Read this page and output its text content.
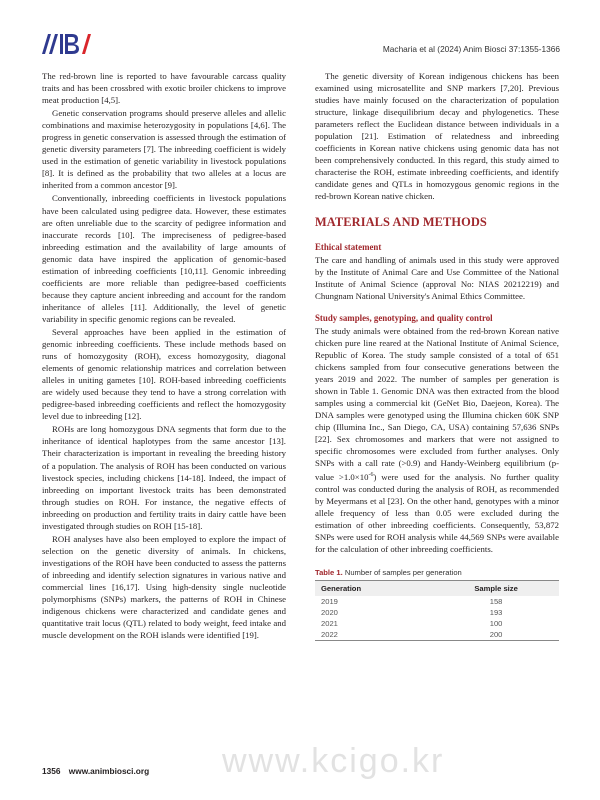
Macharia et al (2024) Anim Biosci 37:1355-1366

The red-brown line is reported to have favourable carcass quality traits and has been crossbred with exotic broiler chickens to improve meat production [4,5].

Genetic conservation programs should preserve alleles and allelic combinations and maximise heterozygosity in populations [4,6]. The progress in genetic conservation is assessed through the estimation of genetic diversity parameters [7]. The inbreeding coefficient is widely used in the estimation of genetic variability in livestock populations [8]. It is defined as the probability that two alleles at a locus are inherited from a common ancestor [9].

Conventionally, inbreeding coefficients in livestock populations have been calculated using pedigree data. However, these estimates are often unreliable due to the scarcity of pedigree information and inaccurate records [10]. The impreciseness of pedigree-based inbreeding estimation and the availability of large amounts of genomic data have inspired the application of genomic-based estimation of inbreeding coefficients [10,11]. Genomic inbreeding coefficients are more reliable than pedigree-based coefficients because they capture ancient inbreeding and account for the random inheritance of alleles [11]. Additionally, the level of genetic variability in specific genomic regions can be revealed.

Several approaches have been applied in the estimation of genomic inbreeding coefficients. These include methods based on runs of homozygosity (ROH), excess homozygosity, diagonal elements of genomic relationship matrices and correlation between alleles in uniting gametes [10]. ROH-based inbreeding coefficients are widely used because they tend to have a strong correlation with pedigree-based inbreeding coefficients and reflect the homozygosity level due to inbreeding [12].

ROHs are long homozygous DNA segments that form due to the inheritance of identical haplotypes from the same ancestor [13]. Their characterization is important in revealing the breeding history of a population. The analysis of ROH has been conducted on various livestock species, including chickens [14-18]. Indeed, the impact of inbreeding on important livestock traits has been demonstrated through studies on ROH. For instance, the negative effects of inbreeding on production and fertility traits in dairy cattle have been investigated through studies on ROH [15-18].

ROH analyses have also been employed to explore the impact of selection on the genetic diversity of animals. In chickens, investigations of the ROH have been conducted to assess the patterns of inbreeding and identify selection signatures in various native and commercial lines [16,17]. Using high-density single nucleotide polymorphisms (SNPs) markers, the patterns of ROH in Chinese indigenous chickens were characterized and candidate genes and quantitative trait locus (QTL) related to body weight, feed intake and muscle development on the ROH islands were identified [19].

The genetic diversity of Korean indigenous chickens has been examined using microsatellite and SNP markers [7,20]. Previous studies have mainly focused on the characterization of population structure, linkage disequilibrium decay and phylogenetics. These parameters reflect the Euclidean distance between individuals in a population [21]. Estimation of relatedness and inbreeding coefficients in Korean native chickens using genomic data has not been comprehensively conducted. In this regard, this study aimed to characterise the ROH, estimate inbreeding coefficients, and identify candidate genes and QTLs in homozygous genomic regions in the red-brown Korean native chicken.

MATERIALS AND METHODS
Ethical statement

The care and handling of animals used in this study were approved by the Institute of Animal Care and Use Committee of the National Institute of Animal Science (approval No: NIAS 20212219) and Chungnam National University's Animal Ethics Committee.

Study samples, genotyping, and quality control

The study animals were obtained from the red-brown Korean native chicken pure line reared at the National Institute of Animal Science, Republic of Korea. The study sample consisted of a total of 651 chickens sampled from four consecutive generations between the years 2019 and 2022. The number of samples per generation is shown in Table 1. Genomic DNA was then extracted from the blood samples using a commercial kit (GeNet Bio, Daejeon, Korea). The DNA samples were genotyped using the Illumina chicken 60K SNP chip (Illumina Inc., San Diego, CA, USA) containing 57,636 SNPs [22]. Sex chromosomes and markers that were not assigned to specific chromosomes were excluded from further analyses. Only SNPs with a call rate (>0.9) and Handy-Weinberg equilibrium (p-value $>1.0\times 10^{-6}$) were used for the analysis. No further quality control was conducted during the analysis of ROH, as recommended by Meyermans et al [23]. On the other hand, genotypes with a minor allele frequency of less than 0.05 were excluded during the estimation of other inbreeding coefficients. Consequently, 53,872 SNPs were used for ROH analysis while 44,569 SNPs were available for the calculation of other inbreeding coefficients.

Table 1. Number of samples per generation
Generation	Sample size
2019	158
2020	193
2021	100
2022	200
www.kcigo.kr
1356 www.animbiosci.org
